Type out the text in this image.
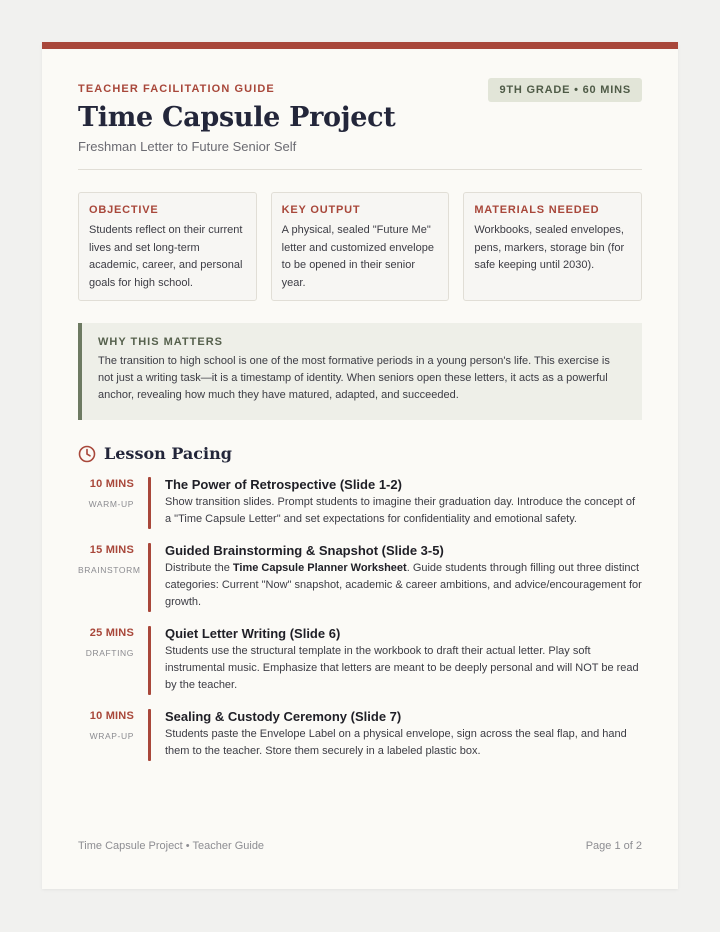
TEACHER FACILITATION GUIDE	9TH GRADE • 60 MINS
Time Capsule Project
Freshman Letter to Future Senior Self
OBJECTIVE
Students reflect on their current lives and set long-term academic, career, and personal goals for high school.
KEY OUTPUT
A physical, sealed "Future Me" letter and customized envelope to be opened in their senior year.
MATERIALS NEEDED
Workbooks, sealed envelopes, pens, markers, storage bin (for safe keeping until 2030).
WHY THIS MATTERS
The transition to high school is one of the most formative periods in a young person's life. This exercise is not just a writing task—it is a timestamp of identity. When seniors open these letters, it acts as a powerful anchor, revealing how much they have matured, adapted, and succeeded.
Lesson Pacing
10 MINS
WARM-UP
The Power of Retrospective (Slide 1-2)
Show transition slides. Prompt students to imagine their graduation day. Introduce the concept of a "Time Capsule Letter" and set expectations for confidentiality and emotional safety.
15 MINS
BRAINSTORM
Guided Brainstorming & Snapshot (Slide 3-5)
Distribute the Time Capsule Planner Worksheet. Guide students through filling out three distinct categories: Current "Now" snapshot, academic & career ambitions, and advice/encouragement for growth.
25 MINS
DRAFTING
Quiet Letter Writing (Slide 6)
Students use the structural template in the workbook to draft their actual letter. Play soft instrumental music. Emphasize that letters are meant to be deeply personal and will NOT be read by the teacher.
10 MINS
WRAP-UP
Sealing & Custody Ceremony (Slide 7)
Students paste the Envelope Label on a physical envelope, sign across the seal flap, and hand them to the teacher. Store them securely in a labeled plastic box.
Time Capsule Project • Teacher Guide	Page 1 of 2
